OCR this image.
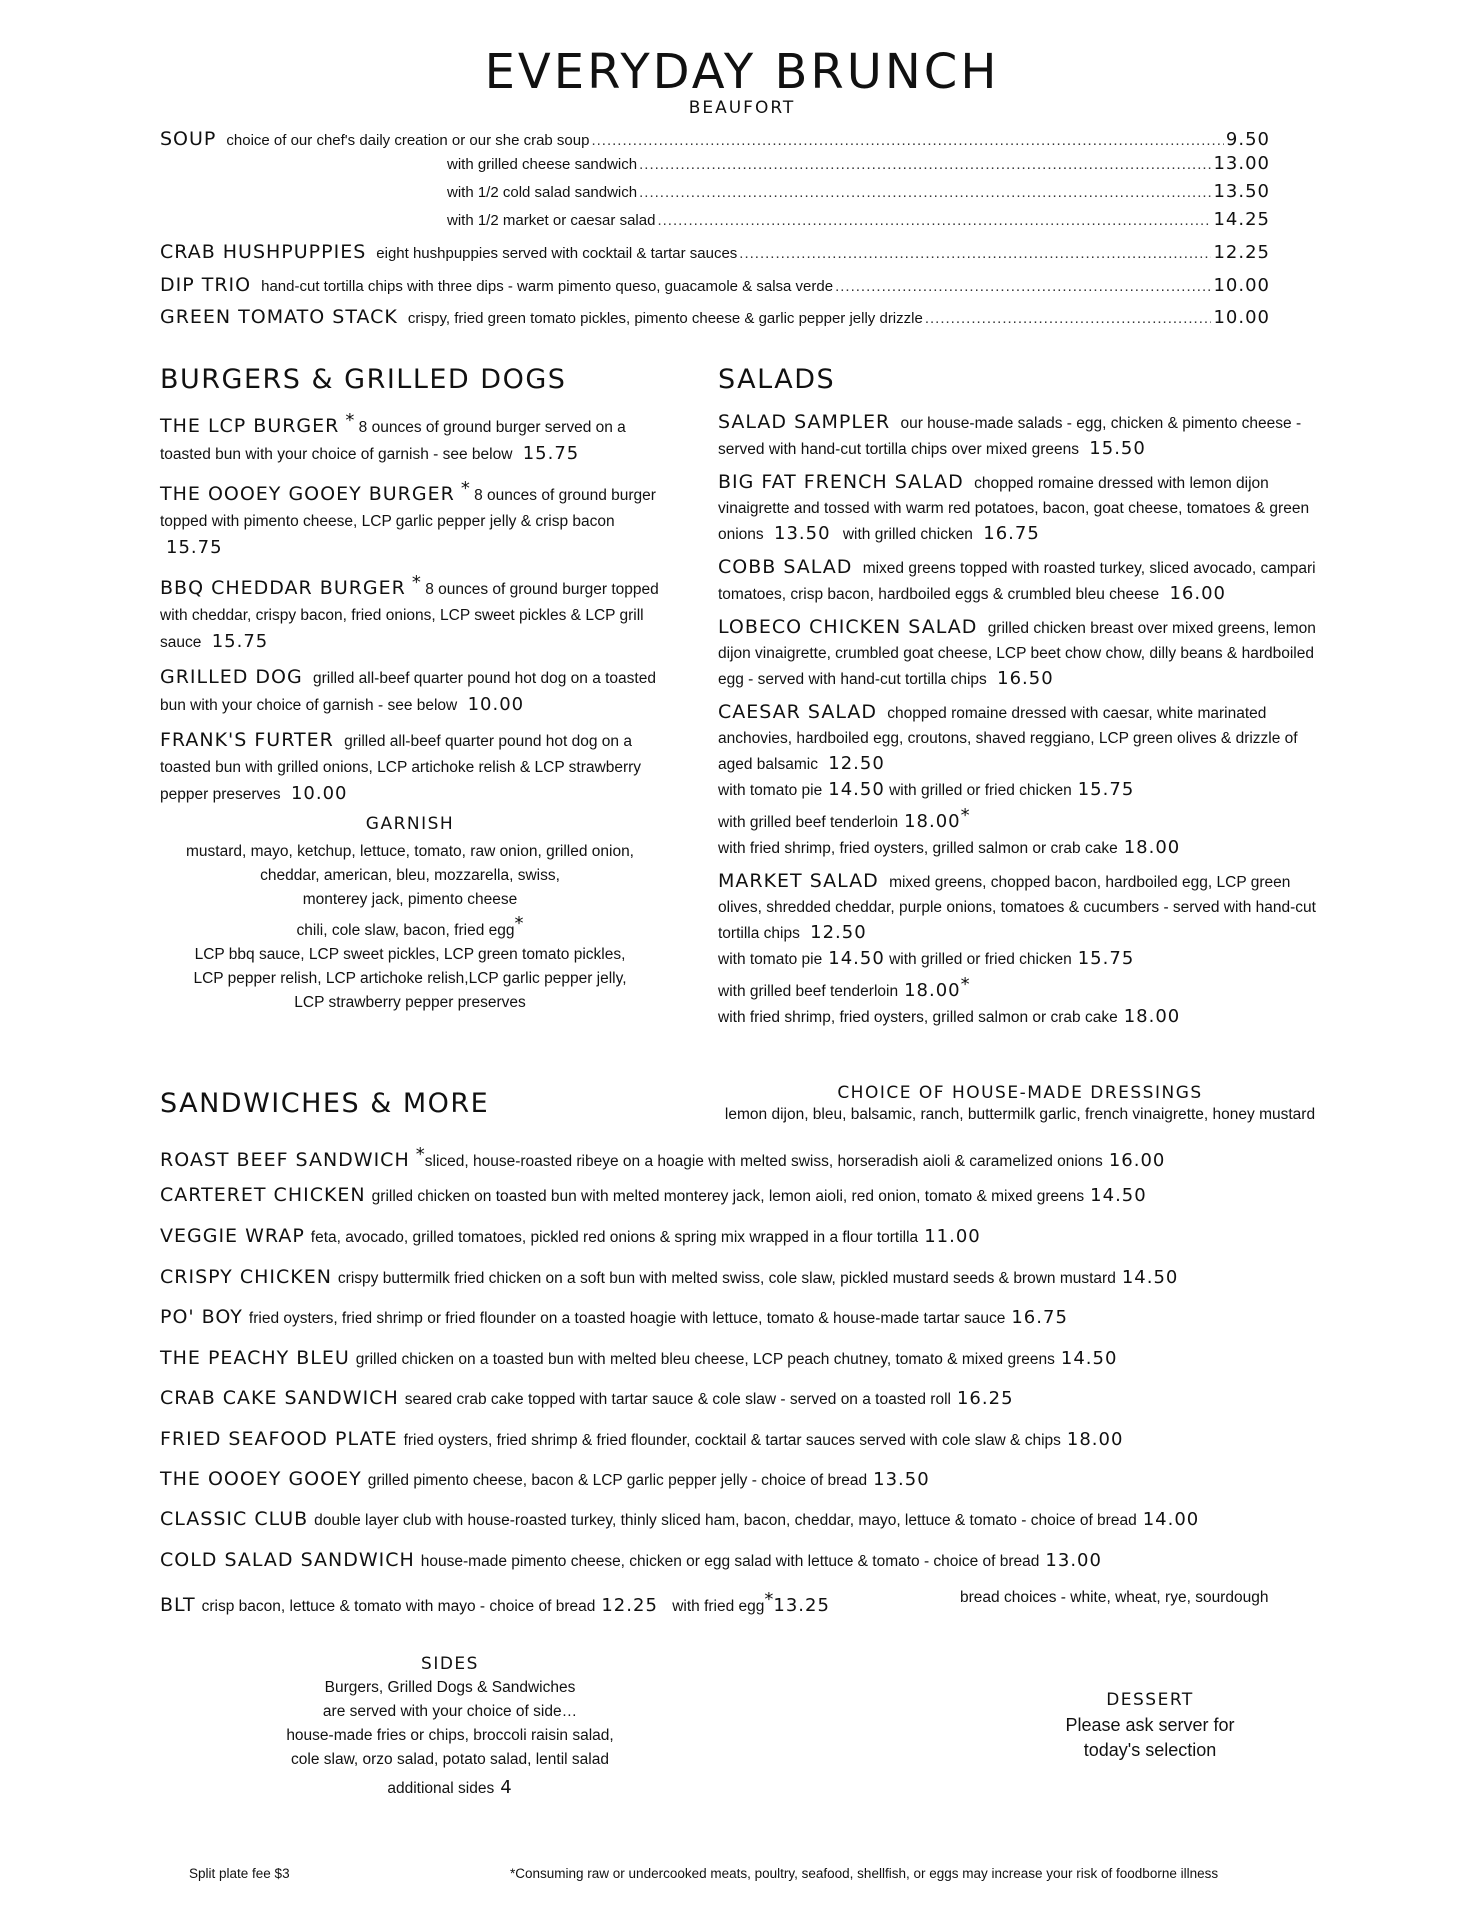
EVERYDAY BRUNCH
BEAUFORT
SOUP choice of our chef's daily creation or our she crab soup .....	9.50
with grilled cheese sandwich .....	13.00
with 1/2 cold salad sandwich .....	13.50
with 1/2 market or caesar salad .....	14.25
CRAB HUSHPUPPIES eight hushpuppies served with cocktail & tartar sauces .....	12.25
DIP TRIO hand-cut tortilla chips with three dips - warm pimento queso, guacamole & salsa verde .....	10.00
GREEN TOMATO STACK crispy, fried green tomato pickles, pimento cheese & garlic pepper jelly drizzle .....	10.00
BURGERS & GRILLED DOGS
THE LCP BURGER * 8 ounces of ground burger served on a toasted bun with your choice of garnish - see below 15.75
THE OOOEY GOOEY BURGER * 8 ounces of ground burger topped with pimento cheese, LCP garlic pepper jelly & crisp bacon 15.75
BBQ CHEDDAR BURGER * 8 ounces of ground burger topped with cheddar, crispy bacon, fried onions, LCP sweet pickles & LCP grill sauce 15.75
GRILLED DOG grilled all-beef quarter pound hot dog on a toasted bun with your choice of garnish - see below 10.00
FRANK'S FURTER grilled all-beef quarter pound hot dog on a toasted bun with grilled onions, LCP artichoke relish & LCP strawberry pepper preserves 10.00
GARNISH
mustard, mayo, ketchup, lettuce, tomato, raw onion, grilled onion,
cheddar, american, bleu, mozzarella, swiss,
monterey jack, pimento cheese
chili, cole slaw, bacon, fried egg*
LCP bbq sauce, LCP sweet pickles, LCP green tomato pickles,
LCP pepper relish, LCP artichoke relish,LCP garlic pepper jelly,
LCP strawberry pepper preserves
SALADS
SALAD SAMPLER our house-made salads - egg, chicken & pimento cheese - served with hand-cut tortilla chips over mixed greens 15.50
BIG FAT FRENCH SALAD chopped romaine dressed with lemon dijon vinaigrette and tossed with warm red potatoes, bacon, goat cheese, tomatoes & green onions 13.50 with grilled chicken 16.75
COBB SALAD mixed greens topped with roasted turkey, sliced avocado, campari tomatoes, crisp bacon, hardboiled eggs & crumbled bleu cheese 16.00
LOBECO CHICKEN SALAD grilled chicken breast over mixed greens, lemon dijon vinaigrette, crumbled goat cheese, LCP beet chow chow, dilly beans & hardboiled egg - served with hand-cut tortilla chips 16.50
CAESAR SALAD chopped romaine dressed with caesar, white marinated anchovies, hardboiled egg, croutons, shaved reggiano, LCP green olives & drizzle of aged balsamic 12.50
with tomato pie 14.50 with grilled or fried chicken 15.75
with grilled beef tenderloin 18.00*
with fried shrimp, fried oysters, grilled salmon or crab cake 18.00
MARKET SALAD mixed greens, chopped bacon, hardboiled egg, LCP green olives, shredded cheddar, purple onions, tomatoes & cucumbers - served with hand-cut tortilla chips 12.50
with tomato pie 14.50 with grilled or fried chicken 15.75
with grilled beef tenderloin 18.00*
with fried shrimp, fried oysters, grilled salmon or crab cake 18.00
CHOICE OF HOUSE-MADE DRESSINGS
lemon dijon, bleu, balsamic, ranch, buttermilk garlic, french vinaigrette, honey mustard
SANDWICHES & MORE
ROAST BEEF SANDWICH *sliced, house-roasted ribeye on a hoagie with melted swiss, horseradish aioli & caramelized onions 16.00
CARTERET CHICKEN grilled chicken on toasted bun with melted monterey jack, lemon aioli, red onion, tomato & mixed greens 14.50
VEGGIE WRAP feta, avocado, grilled tomatoes, pickled red onions & spring mix wrapped in a flour tortilla 11.00
CRISPY CHICKEN crispy buttermilk fried chicken on a soft bun with melted swiss, cole slaw, pickled mustard seeds & brown mustard 14.50
PO' BOY fried oysters, fried shrimp or fried flounder on a toasted hoagie with lettuce, tomato & house-made tartar sauce 16.75
THE PEACHY BLEU grilled chicken on a toasted bun with melted bleu cheese, LCP peach chutney, tomato & mixed greens 14.50
CRAB CAKE SANDWICH seared crab cake topped with tartar sauce & cole slaw - served on a toasted roll 16.25
FRIED SEAFOOD PLATE fried oysters, fried shrimp & fried flounder, cocktail & tartar sauces served with cole slaw & chips 18.00
THE OOOEY GOOEY grilled pimento cheese, bacon & LCP garlic pepper jelly - choice of bread 13.50
CLASSIC CLUB double layer club with house-roasted turkey, thinly sliced ham, bacon, cheddar, mayo, lettuce & tomato - choice of bread 14.00
COLD SALAD SANDWICH house-made pimento cheese, chicken or egg salad with lettuce & tomato - choice of bread 13.00
BLT crisp bacon, lettuce & tomato with mayo - choice of bread 12.25 with fried egg*13.25	bread choices - white, wheat, rye, sourdough
SIDES
Burgers, Grilled Dogs & Sandwiches
are served with your choice of side…
house-made fries or chips, broccoli raisin salad,
cole slaw, orzo salad, potato salad, lentil salad
additional sides 4
DESSERT
Please ask server for
today's selection
Split plate fee $3	*Consuming raw or undercooked meats, poultry, seafood, shellfish, or eggs may increase your risk of foodborne illness
